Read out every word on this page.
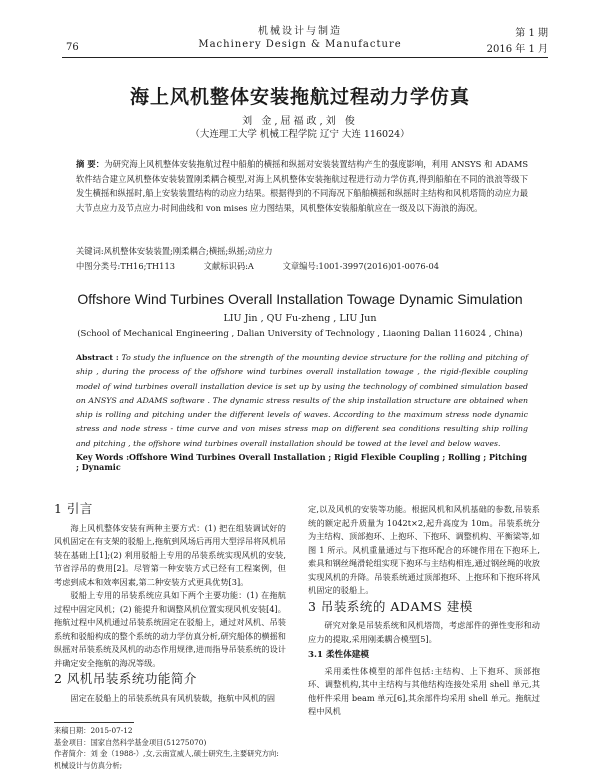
76
机械设计与制造
Machinery Design & Manufacture
第 1 期
2016 年 1 月
海上风机整体安装拖航过程动力学仿真
刘 金,屈福政,刘 俊
（大连理工大学 机械工程学院 辽宁 大连 116024）
摘 要：为研究海上风机整体安装拖航过程中船舶的横摇和纵摇对安装装置结构产生的强度影响，利用 ANSYS 和 ADAMS 软件结合建立风机整体安装装置刚柔耦合模型,对海上风机整体安装拖航过程进行动力学仿真,得到船舶在不同的浪浪等级下发生横摇和纵摇时,船上安装装置结构的动应力结果。根据得到的不同海况下船舶横摇和纵摇时主结构和风机塔筒的动应力最大节点应力及节点应力-时间曲线和 von mises 应力图结果，风机整体安装船舶航应在一级及以下海浪的海况。
关键词:风机整体安装装置;刚柔耦合;横摇;纵摇;动应力
中图分类号:TH16;TH113	文献标识码:A	文章编号:1001-3997(2016)01-0076-04
Offshore Wind Turbines Overall Installation Towage Dynamic Simulation
LIU Jin , QU Fu-zheng , LIU Jun
(School of Mechanical Engineering , Dalian University of Technology , Liaoning Dalian 116024 , China)
Abstract : To study the influence on the strength of the mounting device structure for the rolling and pitching of ship , during the process of the offshore wind turbines overall installation towage , the rigid-flexible coupling model of wind turbines overall installation device is set up by using the technology of combined simulation based on ANSYS and ADAMS software . The dynamic stress results of the ship installation structure are obtained when ship is rolling and pitching under the different levels of waves. According to the maximum stress node dynamic stress and node stress - time curve and von mises stress map on different sea conditions resulting ship rolling and pitching , the offshore wind turbines overall installation should be towed at the level and below waves.
Key Words :Offshore Wind Turbines Overall Installation ; Rigid Flexible Coupling ; Rolling ; Pitching ; Dynamic
1 引言

海上风机整体安装有两种主要方式：(1) 把在组装调试好的风机固定在有支架的驳船上,拖航到风场后再用大型浮吊将风机吊装在基础上[1];(2) 利用驳船上专用的吊装系统实现风机的安装,节省浮吊的费用[2]。尽管第一种安装方式已经有工程案例，但考虑到成本和效率因素,第二种安装方式更具优势[3]。

驳船上专用的吊装系统应具如下两个主要功能：(1) 在拖航过程中固定风机；(2) 能提升和调整风机位置实现风机安装[4]。拖航过程中风机通过吊装系统固定在驳船上，通过对风机、吊装系统和驳船构成的整个系统的动力学仿真分析,研究船体的横摇和纵摇对吊装系统及风机的动态作用规律,进而指导吊装系统的设计并确定安全拖航的海况等级。

2 风机吊装系统功能简介

固定在驳船上的吊装系统具有风机装载，拖航中风机的固

定,以及风机的安装等功能。根据风机和风机基础的参数,吊装系统的额定起升质量为 1042t×2,起升高度为 10m。吊装系统分为主结构、顶部抱环、上抱环、下抱环、调整机构、平衡梁等,如图 1 所示。风机重量通过与下抱环配合的环键作用在下抱环上,索具和钢丝绳滑轮组实现下抱环与主结构相连,通过钢丝绳的收放实现风机的升降。吊装系统通过顶部抱环、上抱环和下抱环将风机固定的驳船上。

3 吊装系统的 ADAMS 建模

研究对象是吊装系统和风机塔筒，考虑部件的弹性变形和动应力的提取,采用刚柔耦合模型[5]。

3.1 柔性体建模

采用柔性体模型的部件包括:主结构、上下抱环、顶部抱环、调整机构,其中主结构与其他结构连接处采用 shell 单元,其他杆件采用 beam 单元[6],其余部件均采用 shell 单元。拖航过程中风机

来稿日期：2015-07-12
基金项目：国家自然科学基金项目(51275070)
作者简介：刘 金（1988-）,女,云南宣威人,硕士研究生,主要研究方向:机械设计与仿真分析;
